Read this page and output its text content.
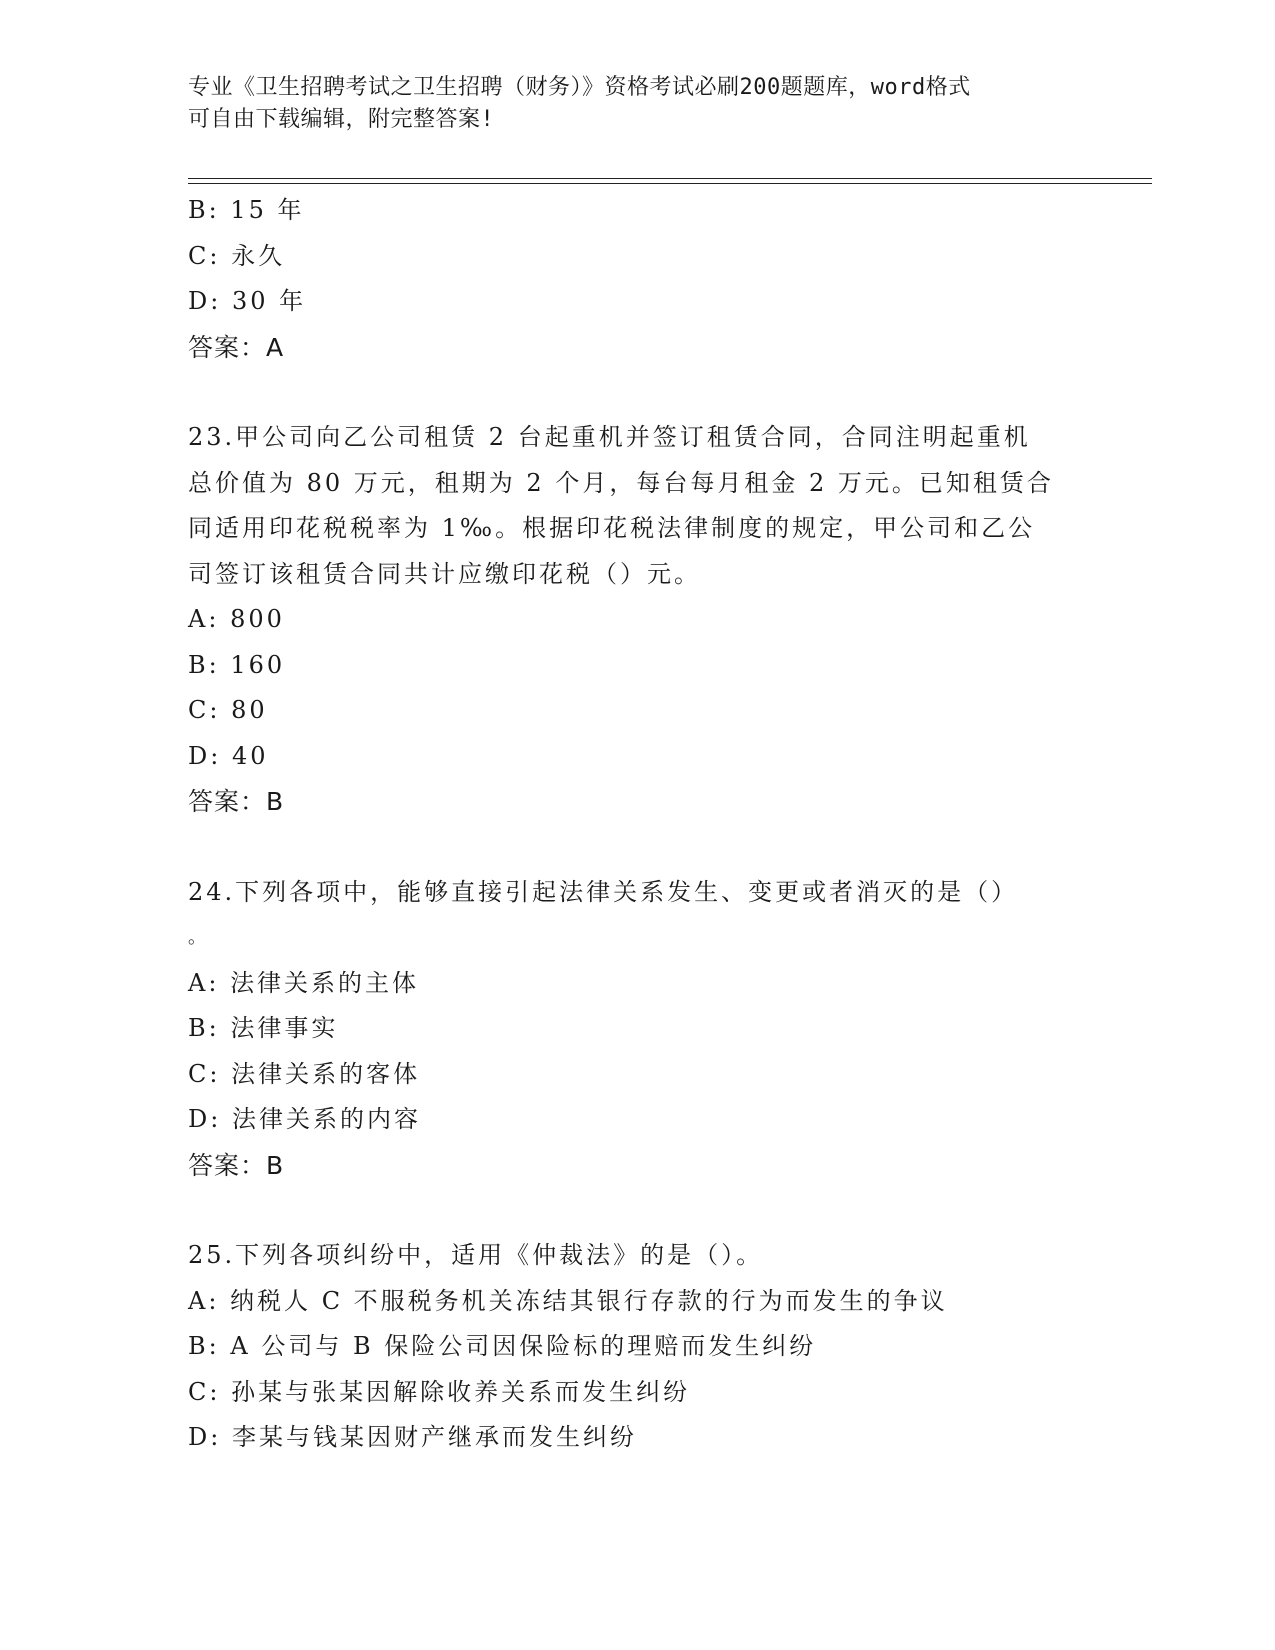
专业《卫生招聘考试之卫生招聘（财务）》资格考试必刷200题题库，word格式
可自由下载编辑，附完整答案!
B: 15 年
C: 永久
D: 30 年
答案：A
23.甲公司向乙公司租赁 2 台起重机并签订租赁合同，合同注明起重机
总价值为 80 万元，租期为 2 个月，每台每月租金 2 万元。已知租赁合
同适用印花税税率为 1‰。根据印花税法律制度的规定，甲公司和乙公
司签订该租赁合同共计应缴印花税（）元。
A: 800
B: 160
C: 80
D: 40
答案：B
24.下列各项中，能够直接引起法律关系发生、变更或者消灭的是（）
。
A: 法律关系的主体
B: 法律事实
C: 法律关系的客体
D: 法律关系的内容
答案：B
25.下列各项纠纷中，适用《仲裁法》的是（）。
A: 纳税人 C 不服税务机关冻结其银行存款的行为而发生的争议
B: A 公司与 B 保险公司因保险标的理赔而发生纠纷
C: 孙某与张某因解除收养关系而发生纠纷
D: 李某与钱某因财产继承而发生纠纷
